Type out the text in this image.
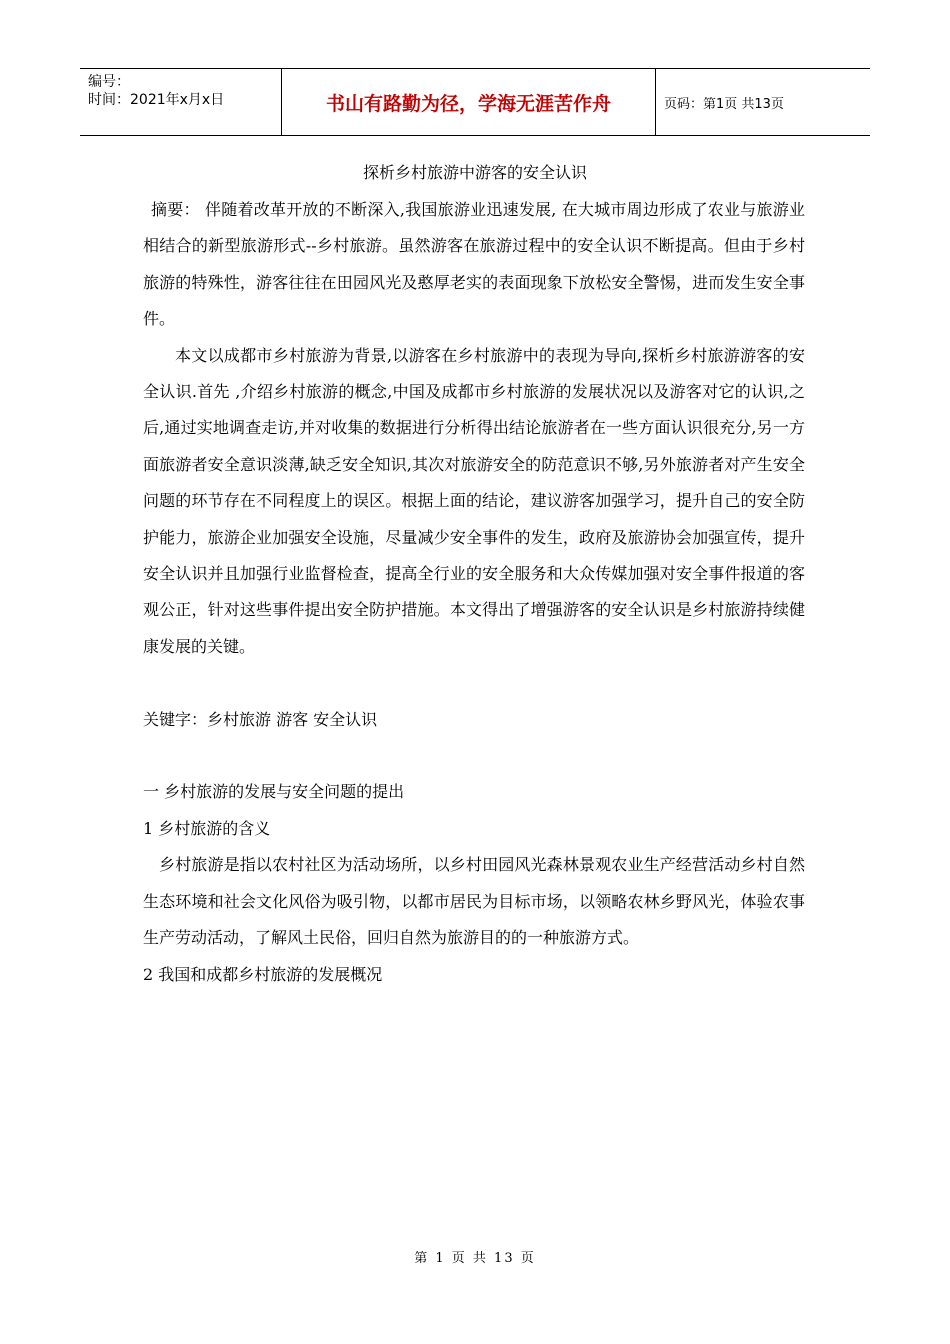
编号：
时间：2021年x月x日	书山有路勤为径，学海无涯苦作舟	页码：第1页 共13页
探析乡村旅游中游客的安全认识

摘要： 伴随着改革开放的不断深入,我国旅游业迅速发展, 在大城市周边形成了农业与旅游业相结合的新型旅游形式--乡村旅游。虽然游客在旅游过程中的安全认识不断提高。但由于乡村旅游的特殊性，游客往往在田园风光及憨厚老实的表面现象下放松安全警惕，进而发生安全事件。

本文以成都市乡村旅游为背景,以游客在乡村旅游中的表现为导向,探析乡村旅游游客的安全认识.首先 ,介绍乡村旅游的概念,中国及成都市乡村旅游的发展状况以及游客对它的认识,之后,通过实地调查走访,并对收集的数据进行分析得出结论旅游者在一些方面认识很充分,另一方面旅游者安全意识淡薄,缺乏安全知识,其次对旅游安全的防范意识不够,另外旅游者对产生安全问题的环节存在不同程度上的误区。根据上面的结论，建议游客加强学习，提升自己的安全防护能力，旅游企业加强安全设施，尽量减少安全事件的发生，政府及旅游协会加强宣传，提升安全认识并且加强行业监督检查，提高全行业的安全服务和大众传媒加强对安全事件报道的客观公正，针对这些事件提出安全防护措施。本文得出了增强游客的安全认识是乡村旅游持续健康发展的关键。

关键字：乡村旅游 游客 安全认识

一 乡村旅游的发展与安全问题的提出

1 乡村旅游的含义

乡村旅游是指以农村社区为活动场所，以乡村田园风光森林景观农业生产经营活动乡村自然生态环境和社会文化风俗为吸引物，以都市居民为目标市场，以领略农林乡野风光，体验农事生产劳动活动，了解风土民俗，回归自然为旅游目的的一种旅游方式。

2 我国和成都乡村旅游的发展概况

第 1 页 共 13 页
